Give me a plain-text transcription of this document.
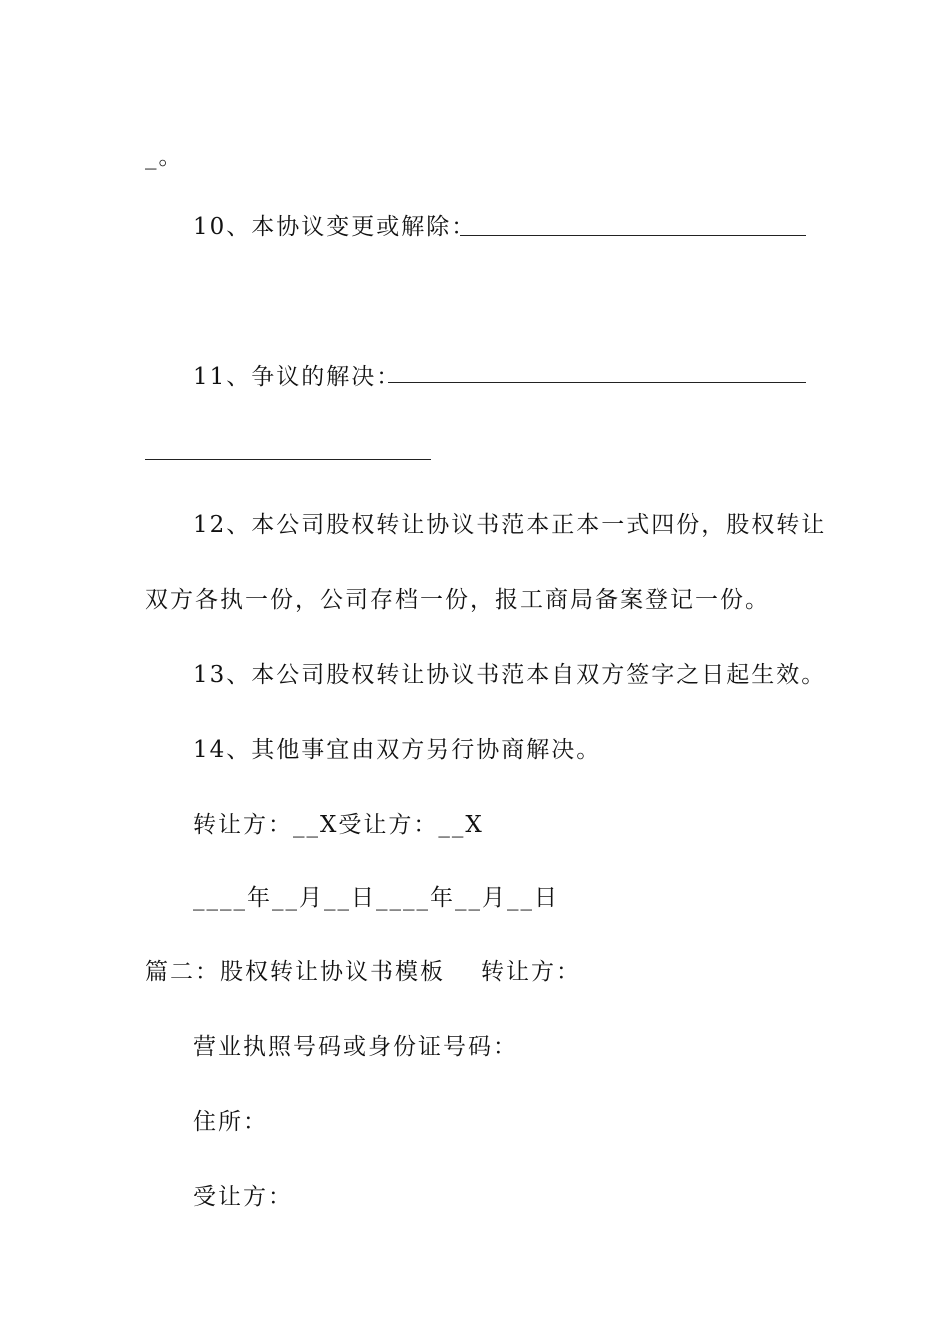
_。
10、本协议变更或解除：
11、争议的解决：
12、本公司股权转让协议书范本正本一式四份，股权转让
双方各执一份，公司存档一份，报工商局备案登记一份。
13、本公司股权转让协议书范本自双方签字之日起生效。
14、其他事宜由双方另行协商解决。
转让方：__X受让方：__X
____年__月__日____年__月__日
篇二：股权转让协议书模板 转让方：
营业执照号码或身份证号码：
住所：
受让方：
